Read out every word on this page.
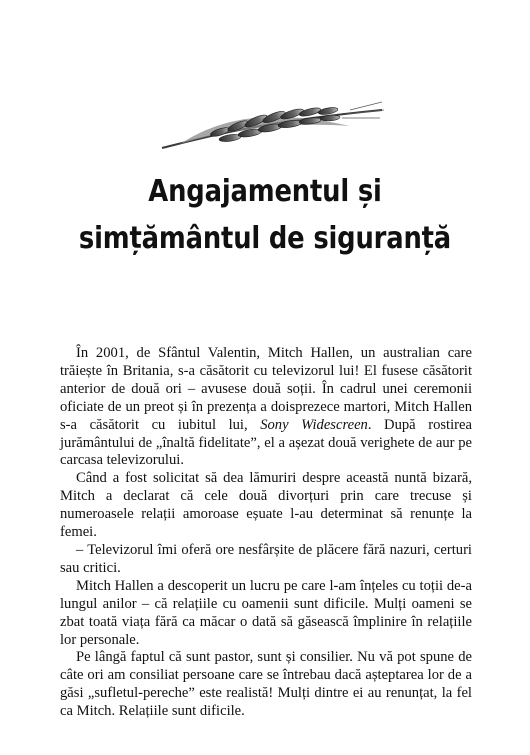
Angajamentul și
simțământul de siguranță

În 2001, de Sfântul Valentin, Mitch Hallen, un australian care trăiește în Britania, s-a căsătorit cu televizorul lui! El fusese căsătorit anterior de două ori – avusese două soții. În cadrul unei ceremonii oficiate de un preot și în prezența a doisprezece martori, Mitch Hallen s-a căsătorit cu iubitul lui, Sony Widescreen. După rostirea jurământului de „înaltă fidelitate”, el a așezat două verighete de aur pe carcasa televizorului.

Când a fost solicitat să dea lămuriri despre această nuntă bizară, Mitch a declarat că cele două divorțuri prin care trecuse și numeroasele relații amoroase eșuate l-au determinat să renunțe la femei.

– Televizorul îmi oferă ore nesfârșite de plăcere fără nazuri, certuri sau critici.

Mitch Hallen a descoperit un lucru pe care l-am înțeles cu toții de-a lungul anilor – că relațiile cu oamenii sunt dificile. Mulți oameni se zbat toată viața fără ca măcar o dată să găsească împlinire în relațiile lor personale.

Pe lângă faptul că sunt pastor, sunt și consilier. Nu vă pot spune de câte ori am consiliat persoane care se întrebau dacă așteptarea lor de a găsi „sufletul-pereche” este realistă! Mulți dintre ei au renunțat, la fel ca Mitch. Relațiile sunt dificile.
